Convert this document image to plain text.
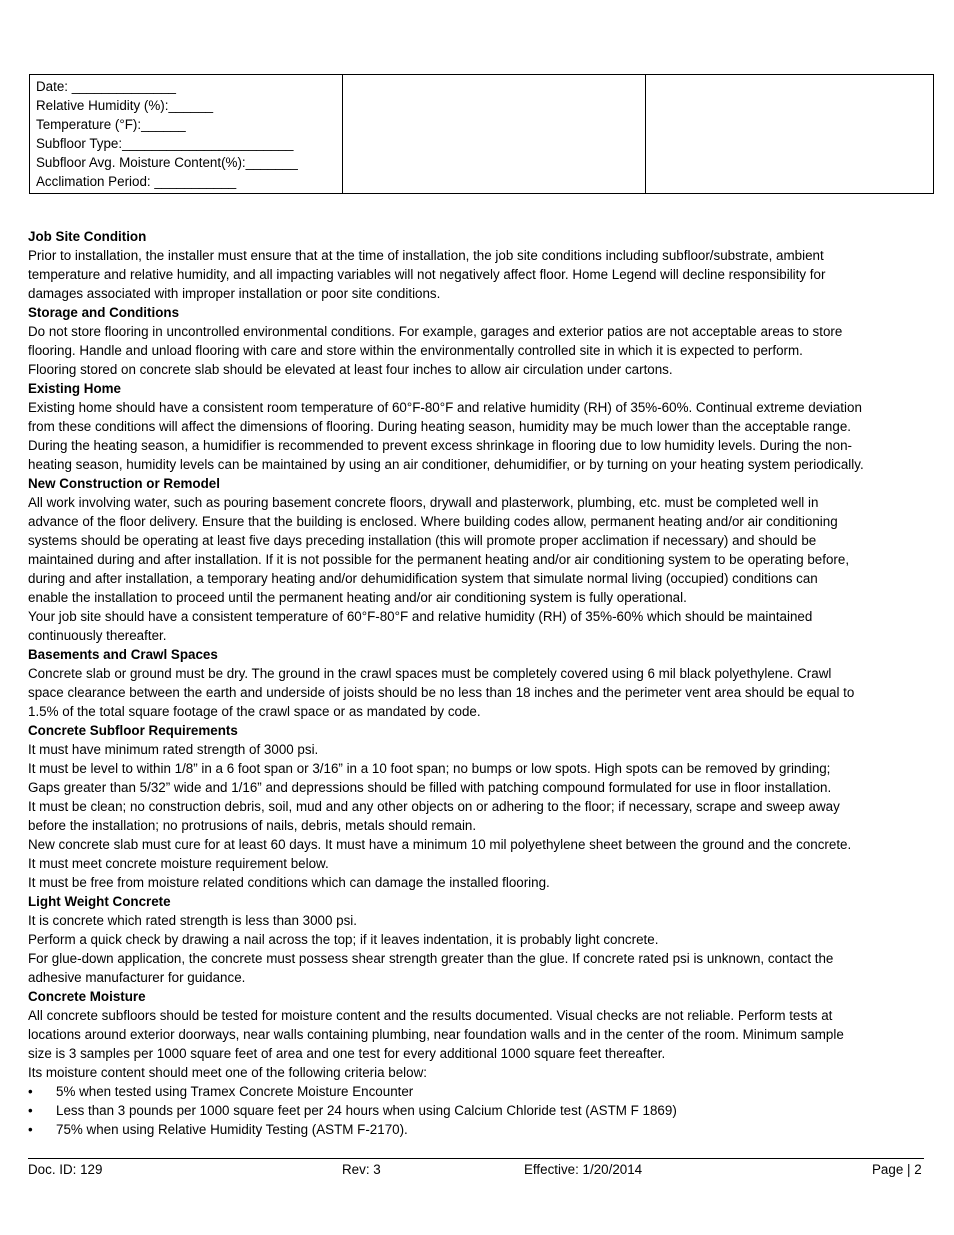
Date: ______________
Relative Humidity (%):______
Temperature (°F):______
Subfloor Type:_______________________
Subfloor Avg. Moisture Content(%):_______
Acclimation Period: ___________

Job Site Condition
Prior to installation, the installer must ensure that at the time of installation, the job site conditions including subfloor/substrate, ambient
temperature and relative humidity, and all impacting variables will not negatively affect floor. Home Legend will decline responsibility for
damages associated with improper installation or poor site conditions.
Storage and Conditions
Do not store flooring in uncontrolled environmental conditions. For example, garages and exterior patios are not acceptable areas to store
flooring. Handle and unload flooring with care and store within the environmentally controlled site in which it is expected to perform.
Flooring stored on concrete slab should be elevated at least four inches to allow air circulation under cartons.
Existing Home
Existing home should have a consistent room temperature of 60°F-80°F and relative humidity (RH) of 35%-60%. Continual extreme deviation
from these conditions will affect the dimensions of flooring. During heating season, humidity may be much lower than the acceptable range.
During the heating season, a humidifier is recommended to prevent excess shrinkage in flooring due to low humidity levels. During the non-
heating season, humidity levels can be maintained by using an air conditioner, dehumidifier, or by turning on your heating system periodically.
New Construction or Remodel
All work involving water, such as pouring basement concrete floors, drywall and plasterwork, plumbing, etc. must be completed well in
advance of the floor delivery. Ensure that the building is enclosed. Where building codes allow, permanent heating and/or air conditioning
systems should be operating at least five days preceding installation (this will promote proper acclimation if necessary) and should be
maintained during and after installation. If it is not possible for the permanent heating and/or air conditioning system to be operating before,
during and after installation, a temporary heating and/or dehumidification system that simulate normal living (occupied) conditions can
enable the installation to proceed until the permanent heating and/or air conditioning system is fully operational.
Your job site should have a consistent temperature of 60°F-80°F and relative humidity (RH) of 35%-60% which should be maintained
continuously thereafter.
Basements and Crawl Spaces
Concrete slab or ground must be dry. The ground in the crawl spaces must be completely covered using 6 mil black polyethylene. Crawl
space clearance between the earth and underside of joists should be no less than 18 inches and the perimeter vent area should be equal to
1.5% of the total square footage of the crawl space or as mandated by code.
Concrete Subfloor Requirements
It must have minimum rated strength of 3000 psi.
It must be level to within 1/8” in a 6 foot span or 3/16” in a 10 foot span; no bumps or low spots. High spots can be removed by grinding;
Gaps greater than 5/32” wide and 1/16” and depressions should be filled with patching compound formulated for use in floor installation.
It must be clean; no construction debris, soil, mud and any other objects on or adhering to the floor; if necessary, scrape and sweep away
before the installation; no protrusions of nails, debris, metals should remain.
New concrete slab must cure for at least 60 days. It must have a minimum 10 mil polyethylene sheet between the ground and the concrete.
It must meet concrete moisture requirement below.
It must be free from moisture related conditions which can damage the installed flooring.
Light Weight Concrete
It is concrete which rated strength is less than 3000 psi.
Perform a quick check by drawing a nail across the top; if it leaves indentation, it is probably light concrete.
For glue-down application, the concrete must possess shear strength greater than the glue. If concrete rated psi is unknown, contact the
adhesive manufacturer for guidance.
Concrete Moisture
All concrete subfloors should be tested for moisture content and the results documented. Visual checks are not reliable. Perform tests at
locations around exterior doorways, near walls containing plumbing, near foundation walls and in the center of the room. Minimum sample
size is 3 samples per 1000 square feet of area and one test for every additional 1000 square feet thereafter.
Its moisture content should meet one of the following criteria below:
• 5% when tested using Tramex Concrete Moisture Encounter
• Less than 3 pounds per 1000 square feet per 24 hours when using Calcium Chloride test (ASTM F 1869)
• 75% when using Relative Humidity Testing (ASTM F-2170).
Doc. ID: 129	Rev: 3	Effective: 1/20/2014	Page | 2
